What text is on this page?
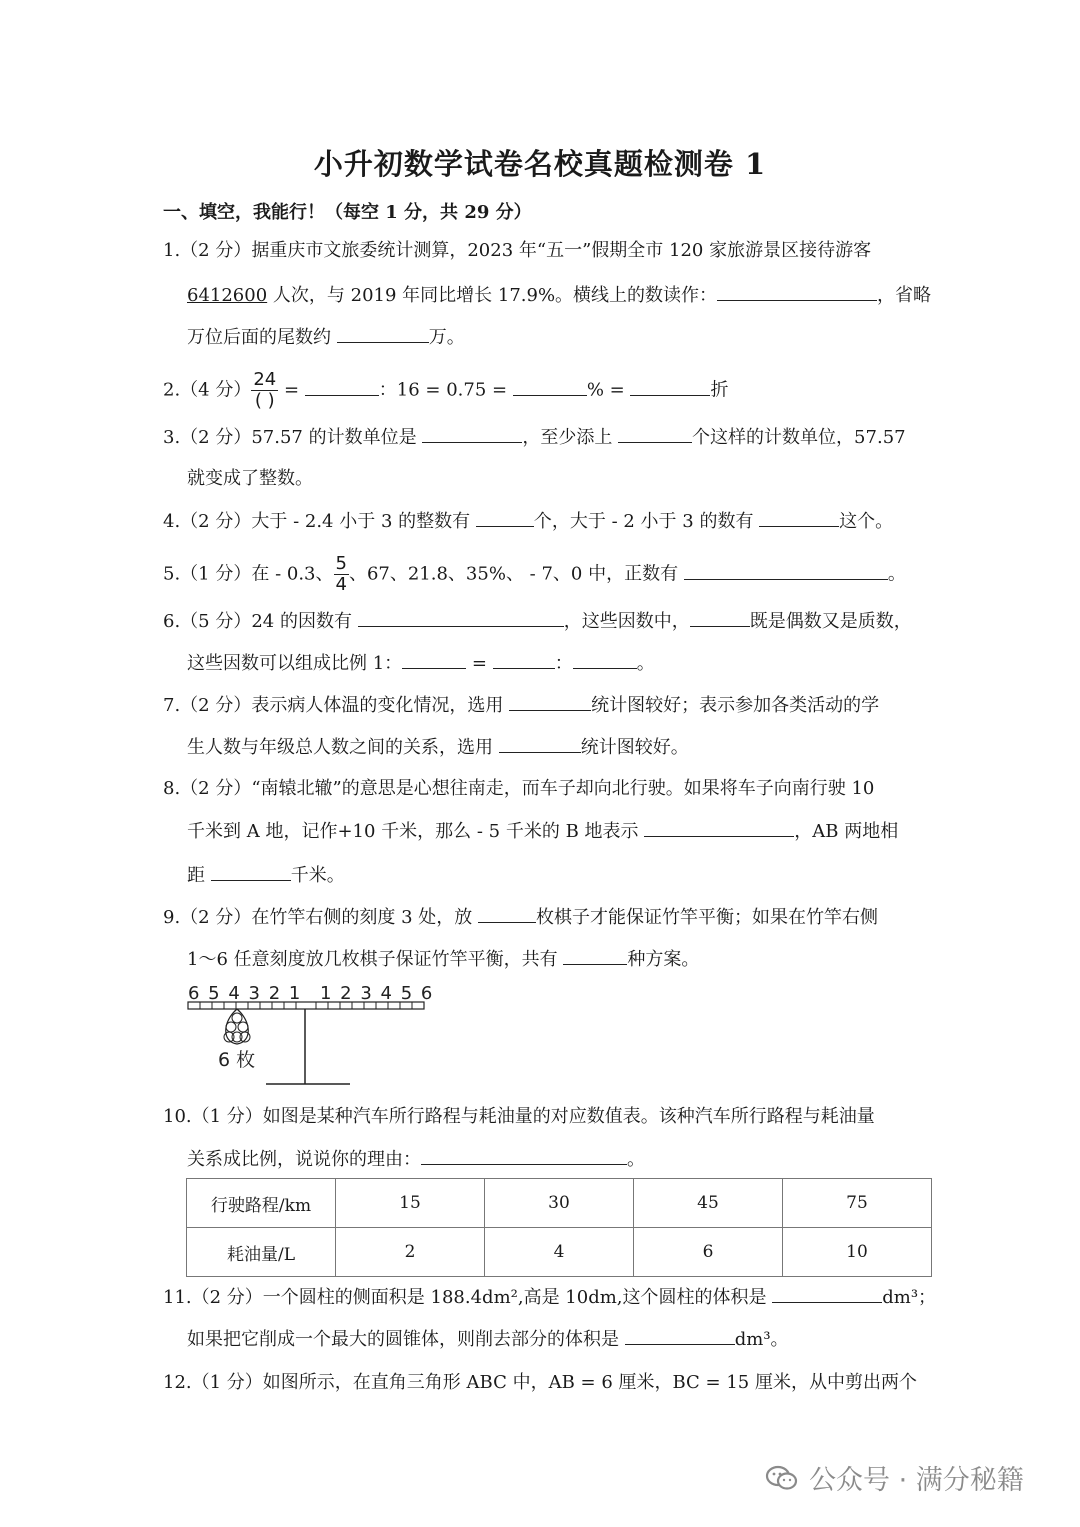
小升初数学试卷名校真题检测卷 1
一、填空，我能行！（每空 1 分，共 29 分）
1.（2 分）据重庆市文旅委统计测算，2023 年“五一”假期全市 120 家旅游景区接待游客
6412600 人次，与 2019 年同比增长 17.9%。横线上的数读作：	，省略
万位后面的尾数约	万。
2.（4 分） $\frac{24}{( )}$ =	：16 = 0.75 =	% =	折
3.（2 分）57.57 的计数单位是	，至少添上	个这样的计数单位，57.57
就变成了整数。
4.（2 分）大于 - 2.4 小于 3 的整数有	个，大于 - 2 小于 3 的数有	这个。
5.（1 分）在 - 0.3、 $\frac{5}{4}$ 、67、21.8、35%、 - 7、0 中，正数有	。
6.（5 分）24 的因数有	，这些因数中，	既是偶数又是质数，
这些因数可以组成比例 1：	=	：	。
7.（2 分）表示病人体温的变化情况，选用	统计图较好；表示参加各类活动的学
生人数与年级总人数之间的关系，选用	统计图较好。
8.（2 分）“南辕北辙”的意思是心想往南走，而车子却向北行驶。如果将车子向南行驶 10
千米到 A 地，记作+10 千米，那么 - 5 千米的 B 地表示	，AB 两地相
距	千米。
9.（2 分）在竹竿右侧的刻度 3 处，放	枚棋子才能保证竹竿平衡；如果在竹竿右侧
1～6 任意刻度放几枚棋子保证竹竿平衡，共有	种方案。
6 5 4 3 2 1 1 2 3 4 5 6
6 枚
10.（1 分）如图是某种汽车所行路程与耗油量的对应数值表。该种汽车所行路程与耗油量
关系成比例，说说你的理由：	。
行驶路程/km	15	30	45	75
耗油量/L	2	4	6	10
11.（2 分）一个圆柱的侧面积是 188.4dm²,高是 10dm,这个圆柱的体积是	dm³；
如果把它削成一个最大的圆锥体，则削去部分的体积是	dm³。
12.（1 分）如图所示，在直角三角形 ABC 中，AB = 6 厘米，BC = 15 厘米，从中剪出两个
公众号 · 满分秘籍
